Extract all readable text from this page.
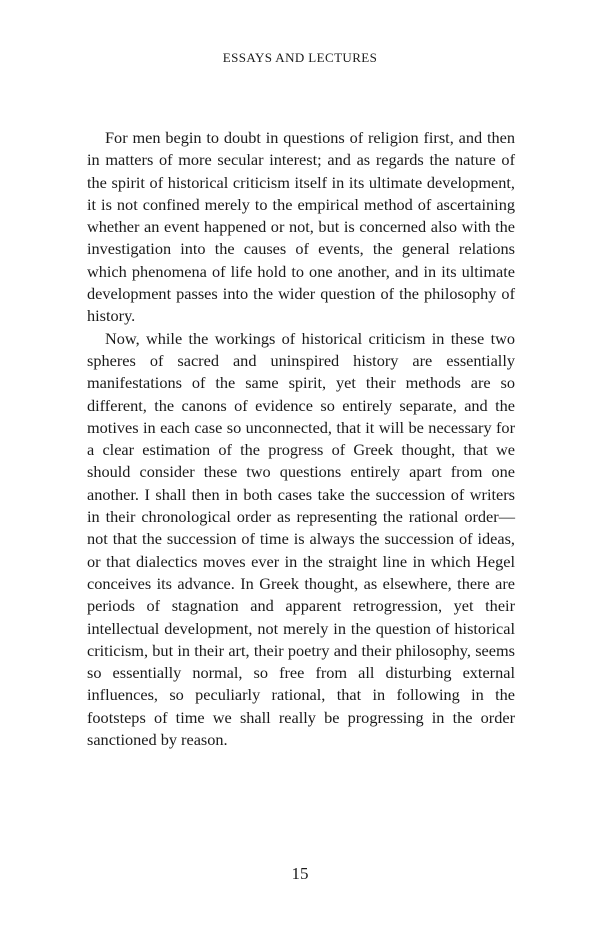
ESSAYS AND LECTURES

For men begin to doubt in questions of religion first, and then in matters of more secular interest; and as regards the nature of the spirit of historical criticism itself in its ultimate development, it is not confined merely to the empirical method of ascertaining whether an event happened or not, but is concerned also with the investigation into the causes of events, the general relations which phenomena of life hold to one another, and in its ultimate development passes into the wider question of the philosophy of history.

Now, while the workings of historical criticism in these two spheres of sacred and uninspired history are essentially manifestations of the same spirit, yet their methods are so different, the canons of evidence so entirely separate, and the motives in each case so unconnected, that it will be necessary for a clear estimation of the progress of Greek thought, that we should consider these two questions entirely apart from one another. I shall then in both cases take the succession of writers in their chronological order as representing the rational order—not that the succession of time is always the succession of ideas, or that dialectics moves ever in the straight line in which Hegel conceives its advance. In Greek thought, as elsewhere, there are periods of stagnation and apparent retrogression, yet their intellectual development, not merely in the question of historical criticism, but in their art, their poetry and their philosophy, seems so essentially normal, so free from all disturbing external influences, so peculiarly rational, that in following in the footsteps of time we shall really be progressing in the order sanctioned by reason.

15
